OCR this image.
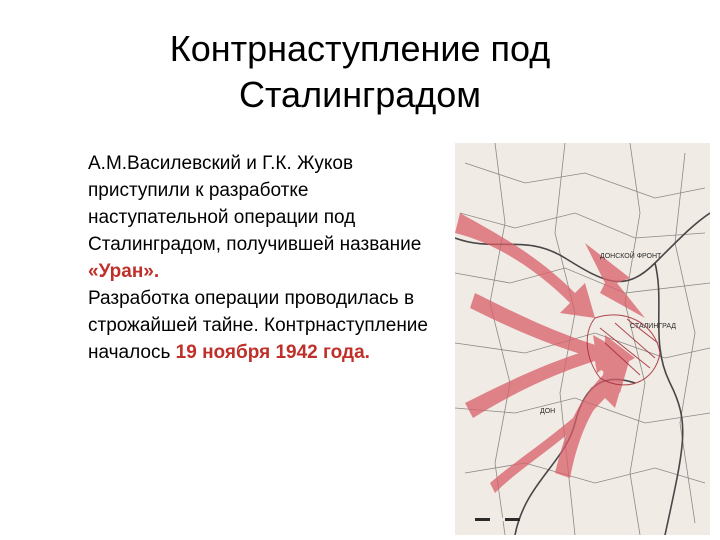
Контрнаступление под
Сталинградом
А.М.Василевский и Г.К. Жуков приступили к разработке наступательной операции под Сталинградом, получившей название «Уран».
Разработка операции проводилась в строжайшей тайне. Контрнаступление началось 19 ноября 1942 года.
ДОНСКОЙ ФРОНТ
СТАЛИНГРАД
ДОН
